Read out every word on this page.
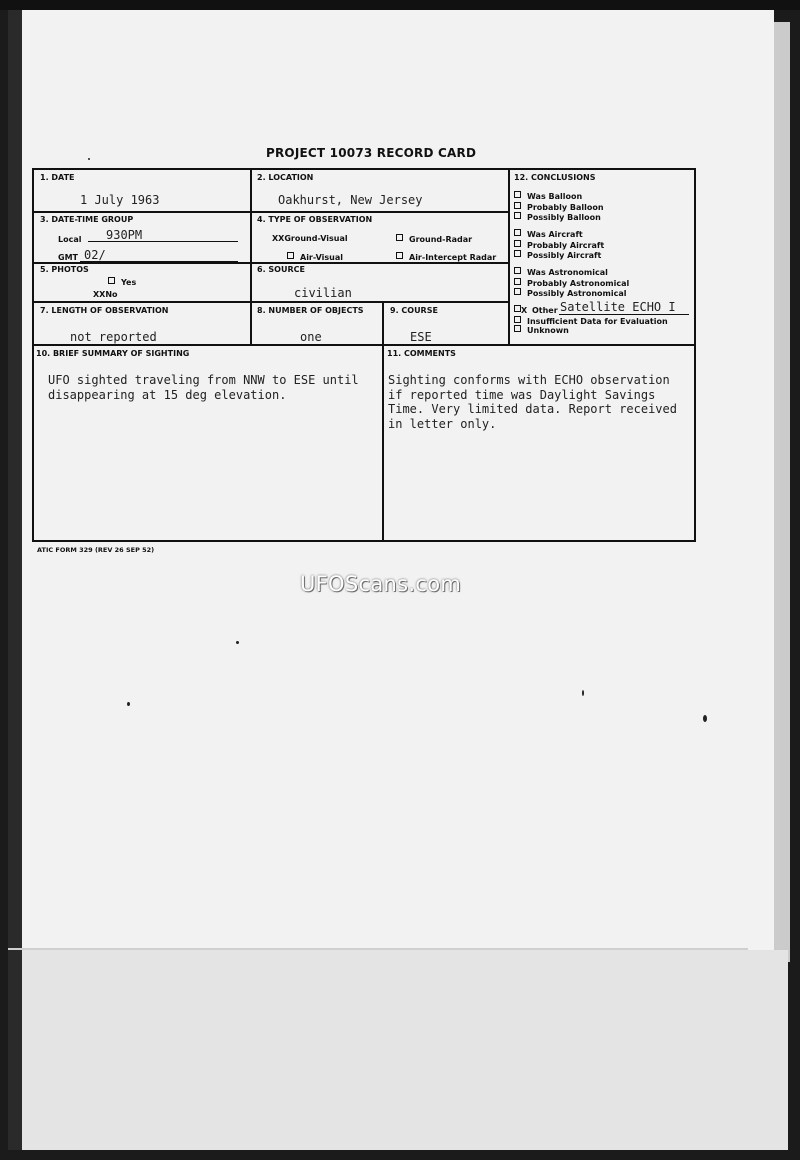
PROJECT 10073 RECORD CARD
1. DATE
1 July 1963
2. LOCATION
Oakhurst, New Jersey
3. DATE-TIME GROUP
Local 930PM
GMT 02/
4. TYPE OF OBSERVATION
XXGround-Visual	Ground-Radar
Air-Visual	Air-Intercept Radar
5. PHOTOS
Yes
XXNo
6. SOURCE
civilian
7. LENGTH OF OBSERVATION
not reported
8. NUMBER OF OBJECTS
one
9. COURSE
ESE
10. BRIEF SUMMARY OF SIGHTING
UFO sighted traveling from NNW to ESE until
disappearing at 15 deg elevation.
11. COMMENTS
Sighting conforms with ECHO observation
if reported time was Daylight Savings
Time. Very limited data. Report received
in letter only.
12. CONCLUSIONS
Was Balloon
Probably Balloon
Possibly Balloon
Was Aircraft
Probably Aircraft
Possibly Aircraft
Was Astronomical
Probably Astronomical
Possibly Astronomical
X Other Satellite ECHO I
Insufficient Data for Evaluation
Unknown
ATIC FORM 329 (REV 26 SEP 52)
UFOScans.com
